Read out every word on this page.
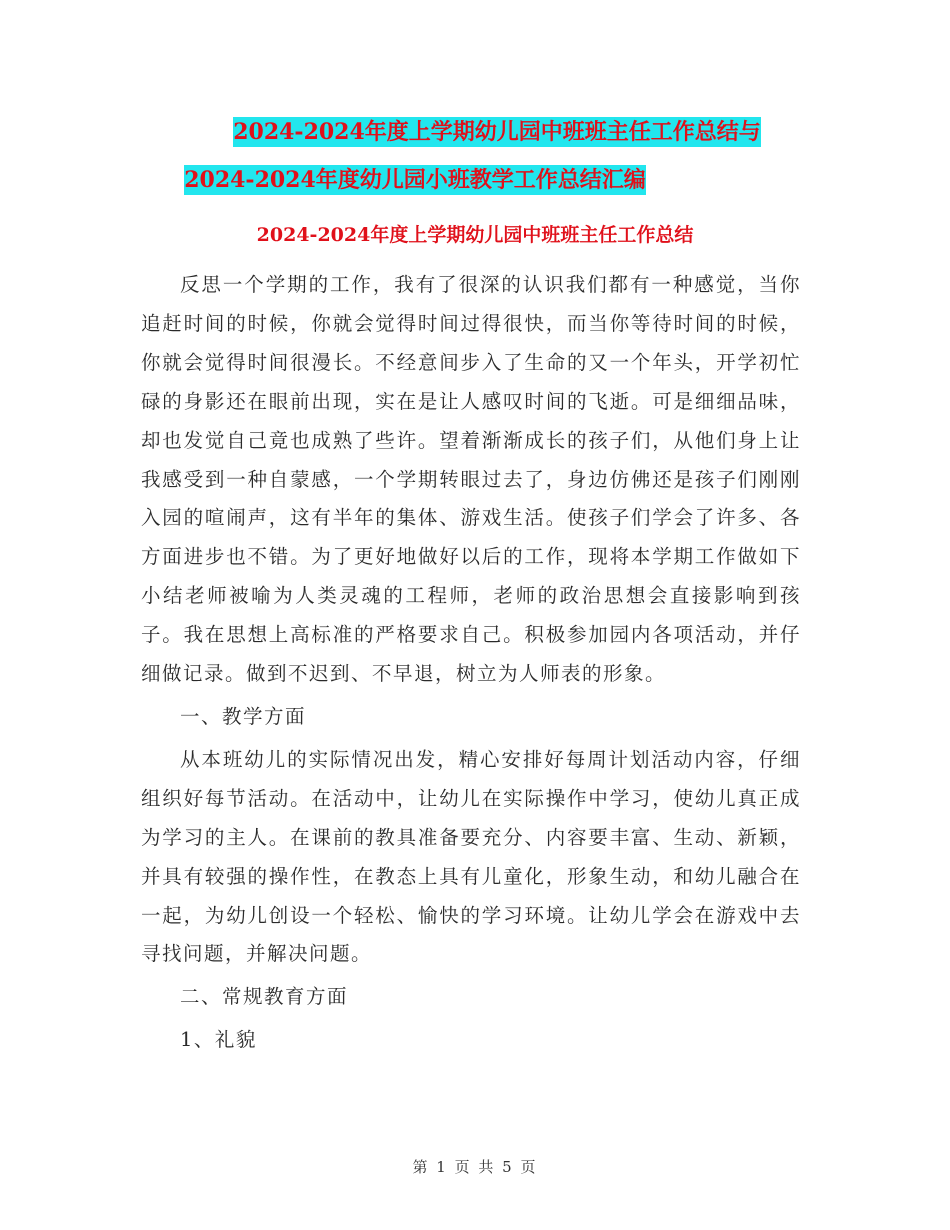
2024-2024年度上学期幼儿园中班班主任工作总结与
2024-2024年度幼儿园小班教学工作总结汇编
2024-2024年度上学期幼儿园中班班主任工作总结

反思一个学期的工作，我有了很深的认识我们都有一种感觉，当你追赶时间的时候，你就会觉得时间过得很快，而当你等待时间的时候，你就会觉得时间很漫长。不经意间步入了生命的又一个年头，开学初忙碌的身影还在眼前出现，实在是让人感叹时间的飞逝。可是细细品味，却也发觉自己竟也成熟了些许。望着渐渐成长的孩子们，从他们身上让我感受到一种自蒙感，一个学期转眼过去了，身边仿佛还是孩子们刚刚入园的喧闹声，这有半年的集体、游戏生活。使孩子们学会了许多、各方面进步也不错。为了更好地做好以后的工作，现将本学期工作做如下小结老师被喻为人类灵魂的工程师，老师的政治思想会直接影响到孩子。我在思想上高标准的严格要求自己。积极参加园内各项活动，并仔细做记录。做到不迟到、不早退，树立为人师表的形象。

一、教学方面

从本班幼儿的实际情况出发，精心安排好每周计划活动内容，仔细组织好每节活动。在活动中，让幼儿在实际操作中学习，使幼儿真正成为学习的主人。在课前的教具准备要充分、内容要丰富、生动、新颖，并具有较强的操作性，在教态上具有儿童化，形象生动，和幼儿融合在一起，为幼儿创设一个轻松、愉快的学习环境。让幼儿学会在游戏中去寻找问题，并解决问题。

二、常规教育方面

1、礼貌

第 1 页 共 5 页
